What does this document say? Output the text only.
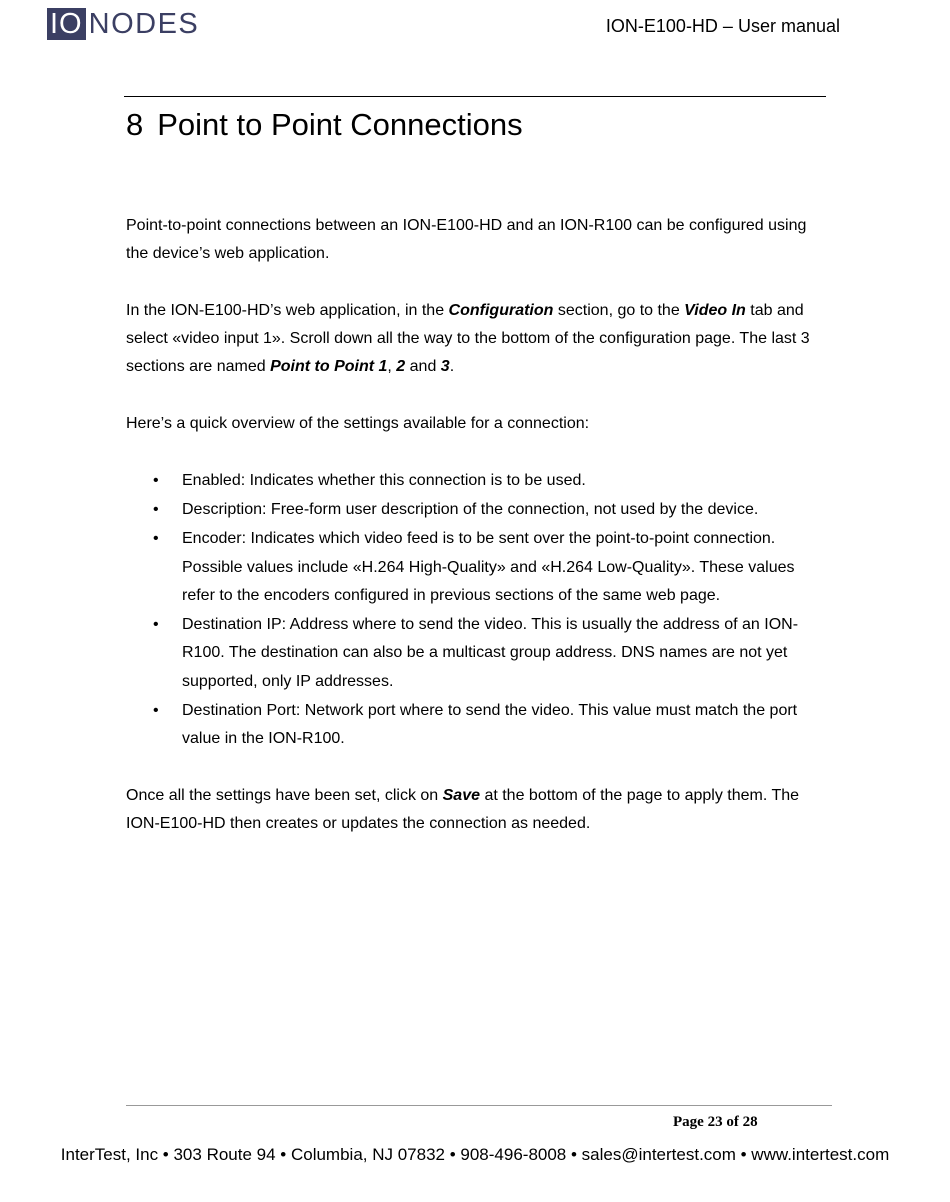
IO NODES	ION-E100-HD – User manual
8 Point to Point Connections

Point-to-point connections between an ION-E100-HD and an ION-R100 can be configured using the device’s web application.

In the ION-E100-HD’s web application, in the Configuration section, go to the Video In tab and select «video input 1». Scroll down all the way to the bottom of the configuration page. The last 3 sections are named Point to Point 1, 2 and 3.

Here’s a quick overview of the settings available for a connection:

• Enabled: Indicates whether this connection is to be used.
• Description: Free-form user description of the connection, not used by the device.
• Encoder: Indicates which video feed is to be sent over the point-to-point connection. Possible values include «H.264 High-Quality» and «H.264 Low-Quality». These values refer to the encoders configured in previous sections of the same web page.
• Destination IP: Address where to send the video. This is usually the address of an ION-R100. The destination can also be a multicast group address. DNS names are not yet supported, only IP addresses.
• Destination Port: Network port where to send the video. This value must match the port value in the ION-R100.

Once all the settings have been set, click on Save at the bottom of the page to apply them. The ION-E100-HD then creates or updates the connection as needed.

Page 23 of 28
InterTest, Inc • 303 Route 94 • Columbia, NJ 07832 • 908-496-8008 • sales@intertest.com • www.intertest.com
